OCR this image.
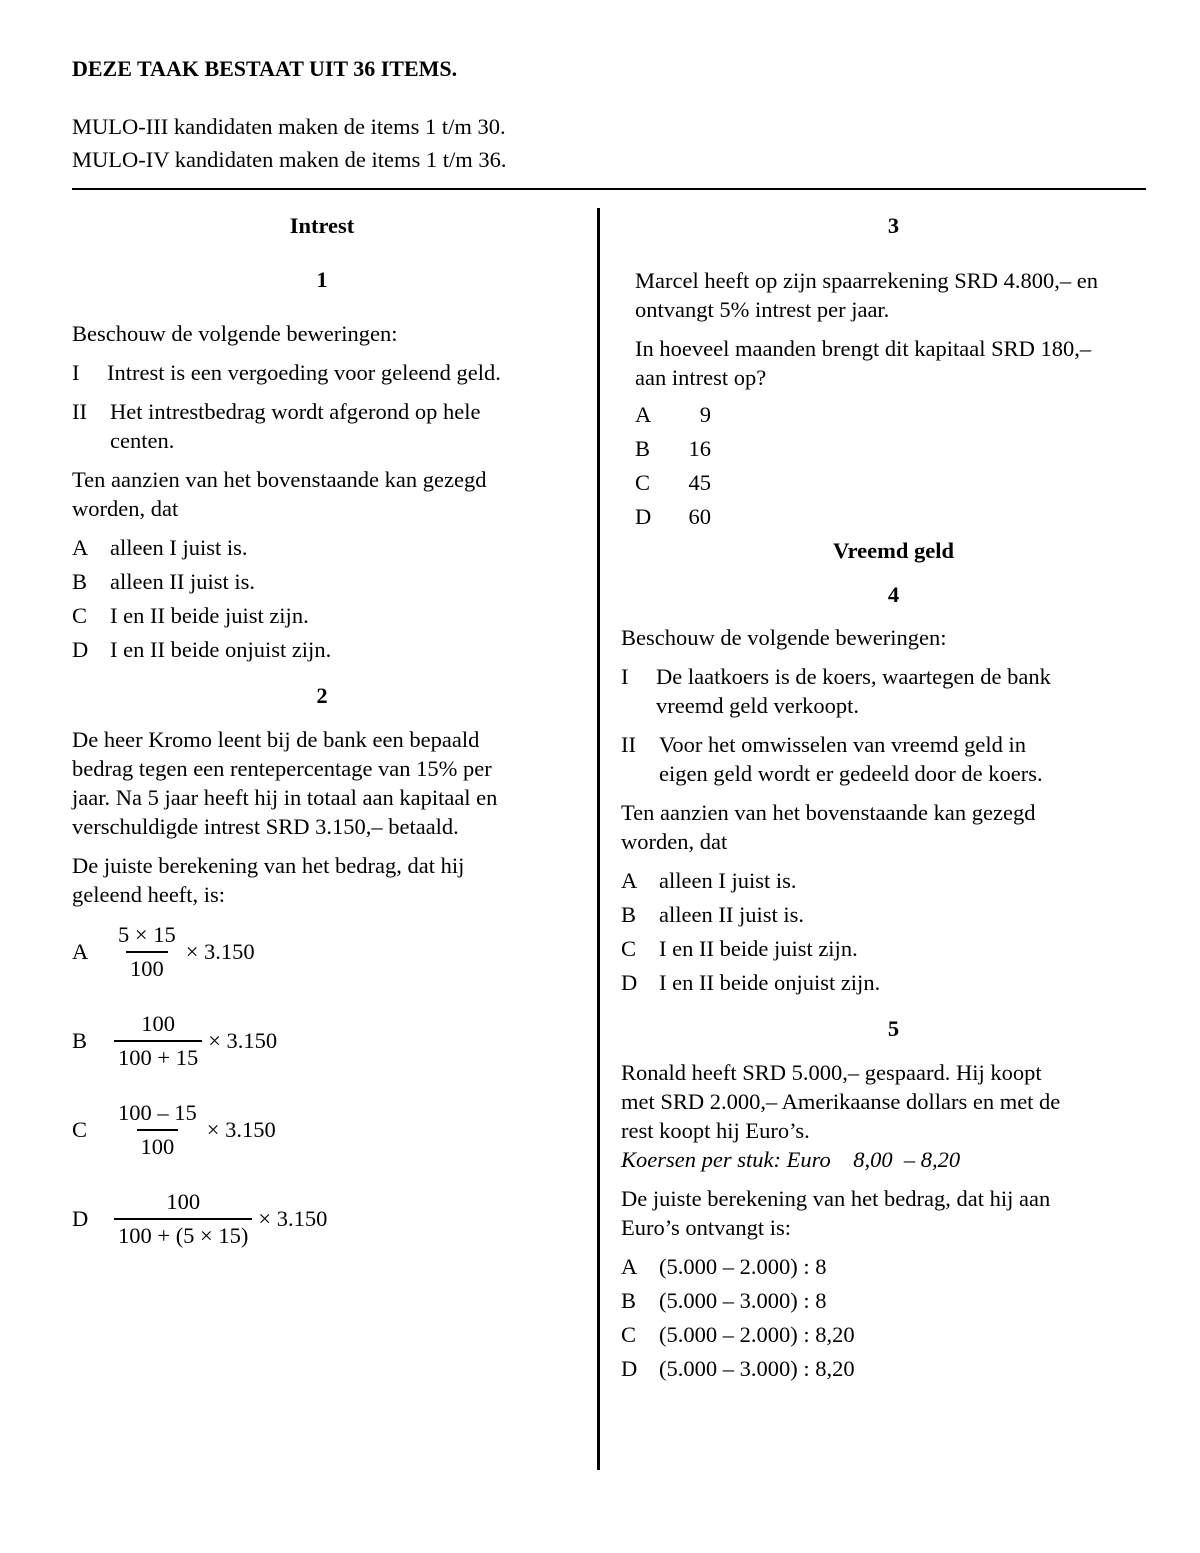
DEZE TAAK BESTAAT UIT 36 ITEMS.
MULO-III kandidaten maken de items 1 t/m 30.
MULO-IV kandidaten maken de items 1 t/m 36.
Intrest
1
Beschouw de volgende beweringen:
I	Intrest is een vergoeding voor geleend geld.
II	Het intrestbedrag wordt afgerond op hele
centen.
Ten aanzien van het bovenstaande kan gezegd
worden, dat
A alleen I juist is.
B	alleen II juist is.
C	I en II beide juist zijn.
D I en II beide onjuist zijn.
2
De heer Kromo leent bij de bank een bepaald
bedrag tegen een rentepercentage van 15% per
jaar. Na 5 jaar heeft hij in totaal aan kapitaal en
verschuldigde intrest SRD 3.150,– betaald.
De juiste berekening van het bedrag, dat hij
geleend heeft, is:
A	$\frac{5 \times 15}{100} \times 3.150$
B	$\frac{100}{100 + 15} \times 3.150$
C	$\frac{100 - 15}{100} \times 3.150$
D	$\frac{100}{100 + (5 \times 15)} \times 3.150$
3
Marcel heeft op zijn spaarrekening SRD 4.800,– en
ontvangt 5% intrest per jaar.
In hoeveel maanden brengt dit kapitaal SRD 180,–
aan intrest op?
A	9
B	16
C	45
D	60
Vreemd geld
4
Beschouw de volgende beweringen:
I	De laatkoers is de koers, waartegen de bank
vreemd geld verkoopt.
II	Voor het omwisselen van vreemd geld in
eigen geld wordt er gedeeld door de koers.
Ten aanzien van het bovenstaande kan gezegd
worden, dat
A alleen I juist is.
B	alleen II juist is.
C	I en II beide juist zijn.
D I en II beide onjuist zijn.
5
Ronald heeft SRD 5.000,– gespaard. Hij koopt
met SRD 2.000,– Amerikaanse dollars en met de
rest koopt hij Euro’s.
Koersen per stuk: Euro    8,00  – 8,20
De juiste berekening van het bedrag, dat hij aan
Euro’s ontvangt is:
A (5.000 – 2.000) : 8
B	(5.000 – 3.000) : 8
C	(5.000 – 2.000) : 8,20
D (5.000 – 3.000) : 8,20
